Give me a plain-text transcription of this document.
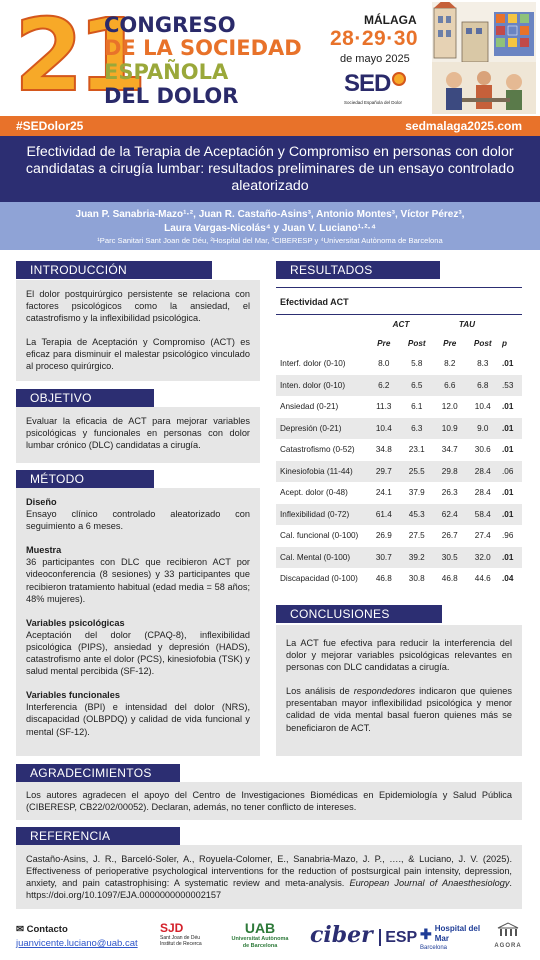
21
CONGRESO
DE LA SOCIEDAD
ESPAÑOLA
DEL DOLOR
MÁLAGA
28·29·30
de mayo 2025
SED
Sociedad Española del Dolor
#SEDolor25	sedmalaga2025.com
Efectividad de la Terapia de Aceptación y Compromiso en personas con dolor candidatas a cirugía lumbar: resultados preliminares de un ensayo controlado aleatorizado
Juan P. Sanabria-Mazo¹·², Juan R. Castaño-Asins³, Antonio Montes³, Víctor Pérez³,
Laura Vargas-Nicolás⁴ y Juan V. Luciano¹·²·⁴
¹Parc Sanitari Sant Joan de Déu, ²Hospital del Mar, ³CIBERESP y ⁴Universitat Autònoma de Barcelona
INTRODUCCIÓN

El dolor postquirúrgico persistente se relaciona con factores psicológicos como la ansiedad, el catastrofismo y la inflexibilidad psicológica.

La Terapia de Aceptación y Compromiso (ACT) es eficaz para disminuir el malestar psicológico vinculado al proceso quirúrgico.

OBJETIVO

Evaluar la eficacia de ACT para mejorar variables psicológicas y funcionales en personas con dolor lumbar crónico (DLC) candidatas a cirugía.

MÉTODO

Diseño

Ensayo clínico controlado aleatorizado con seguimiento a 6 meses.

Muestra

36 participantes con DLC que recibieron ACT por videoconferencia (8 sesiones) y 33 participantes que recibieron tratamiento habitual (edad media = 58 años; 48% mujeres).

Variables psicológicas

Aceptación del dolor (CPAQ-8), inflexibilidad psicológica (PIPS), ansiedad y depresión (HADS), catastrofismo ante el dolor (PCS), kinesiofobia (TSK) y salud mental percibida (SF-12).

Variables funcionales

Interferencia (BPI) e intensidad del dolor (NRS), discapacidad (OLBPDQ) y calidad de vida funcional y mental (SF-12).

RESULTADOS
Efectividad ACT
	ACT		TAU		
	Pre	Post	Pre	Post	p
Interf. dolor (0-10)	8.0	5.8	8.2	8.3	.01
Inten. dolor (0-10)	6.2	6.5	6.6	6.8	.53
Ansiedad (0-21)	11.3	6.1	12.0	10.4	.01
Depresión (0-21)	10.4	6.3	10.9	9.0	.01
Catastrofismo (0-52)	34.8	23.1	34.7	30.6	.01
Kinesiofobia (11-44)	29.7	25.5	29.8	28.4	.06
Acept. dolor (0-48)	24.1	37.9	26.3	28.4	.01
Inflexibilidad (0-72)	61.4	45.3	62.4	58.4	.01
Cal. funcional (0-100)	26.9	27.5	26.7	27.4	.96
Cal. Mental (0-100)	30.7	39.2	30.5	32.0	.01
Discapacidad (0-100)	46.8	30.8	46.8	44.6	.04
CONCLUSIONES

La ACT fue efectiva para reducir la interferencia del dolor y mejorar variables psicológicas relevantes en personas con DLC candidatas a cirugía.

Los análisis de respondedores indicaron que quienes presentaban mayor inflexibilidad psicológica y menor calidad de vida mental basal fueron quienes más se beneficiaron de ACT.

AGRADECIMIENTOS

Los autores agradecen el apoyo del Centro de Investigaciones Biomédicas en Epidemiología y Salud Pública (CIBERESP, CB22/02/00052). Declaran, además, no tener conflicto de intereses.

REFERENCIA

Castaño-Asins, J. R., Barceló-Soler, A., Royuela-Colomer, E., Sanabria-Mazo, J. P., …., & Luciano, J. V. (2025). Effectiveness of perioperative psychological interventions for the reduction of postsurgical pain intensity, depression, anxiety, and pain catastrophising: A systematic review and meta-analysis. European Journal of Anaesthesiology. https://doi.org/10.1097/EJA.0000000000002157

✉ Contacto
juanvicente.luciano@uab.cat
SJD
Sant Joan de Déu
Institut de Recerca
UAB
Universitat Autònoma de Barcelona	ciber ESP ✚ Hospital del Mar
Barcelona	AGORA
